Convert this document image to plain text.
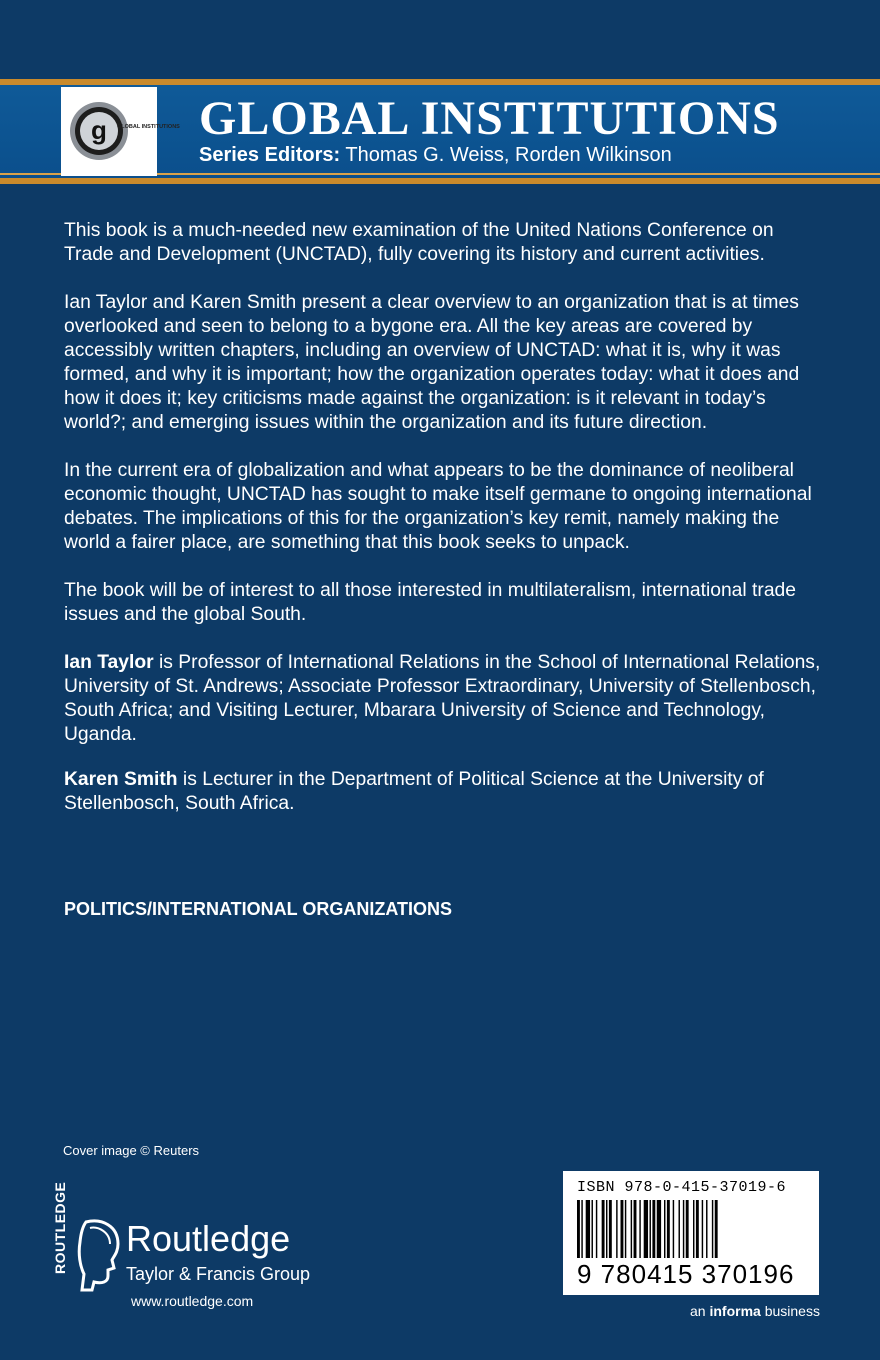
g GLOBAL INSTITUTIONS GLOBAL INSTITUTIONS
Series Editors: Thomas G. Weiss, Rorden Wilkinson

This book is a much-needed new examination of the United Nations Conference on Trade and Development (UNCTAD), fully covering its history and current activities.

Ian Taylor and Karen Smith present a clear overview to an organization that is at times overlooked and seen to belong to a bygone era. All the key areas are covered by accessibly written chapters, including an overview of UNCTAD: what it is, why it was formed, and why it is important; how the organization operates today: what it does and how it does it; key criticisms made against the organization: is it relevant in today’s world?; and emerging issues within the organization and its future direction.

In the current era of globalization and what appears to be the dominance of neoliberal economic thought, UNCTAD has sought to make itself germane to ongoing international debates. The implications of this for the organization’s key remit, namely making the world a fairer place, are something that this book seeks to unpack.

The book will be of interest to all those interested in multilateralism, international trade issues and the global South.

Ian Taylor is Professor of International Relations in the School of International Relations, University of St. Andrews; Associate Professor Extraordinary, University of Stellenbosch, South Africa; and Visiting Lecturer, Mbarara University of Science and Technology, Uganda.

Karen Smith is Lecturer in the Department of Political Science at the University of Stellenbosch, South Africa.

POLITICS/INTERNATIONAL ORGANIZATIONS
Cover image © Reuters
ROUTLEDGE Routledge
Taylor & Francis Group
www.routledge.com
ISBN 978-0-415-37019-6
9 780415 370196
an informa business
